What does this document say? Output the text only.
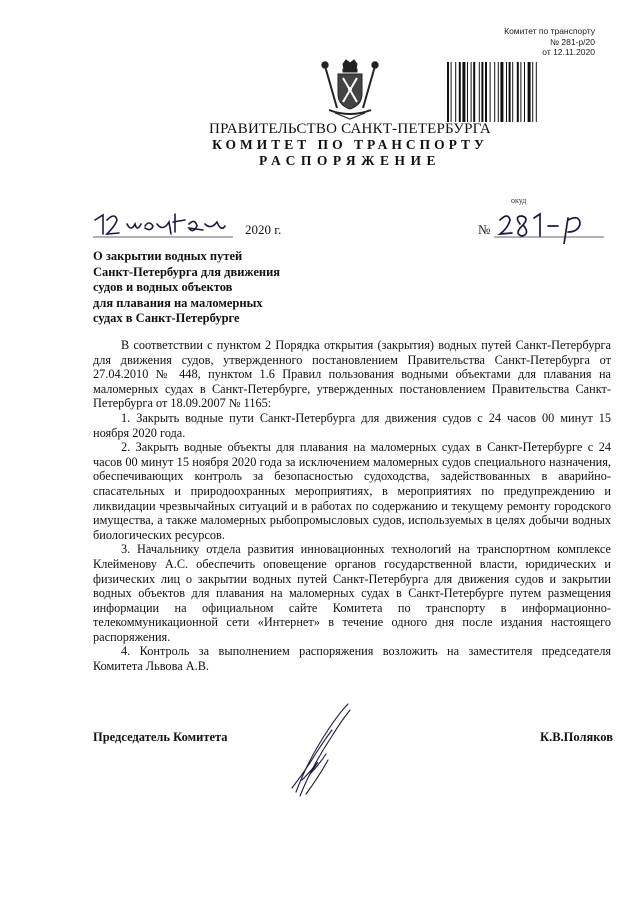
Комитет по транспорту
№ 281-р/20
от 12.11.2020
ПРАВИТЕЛЬСТВО САНКТ-ПЕТЕРБУРГА
КОМИТЕТ ПО ТРАНСПОРТУ
РАСПОРЯЖЕНИЕ
окуд
2020 г.	№
О закрытии водных путей
Санкт-Петербурга для движения
судов и водных объектов
для плавания на маломерных
судах в Санкт-Петербурге

В соответствии с пунктом 2 Порядка открытия (закрытия) водных путей Санкт-Петербурга для движения судов, утвержденного постановлением Правительства Санкт-Петербурга от 27.04.2010 № 448, пунктом 1.6 Правил пользования водными объектами для плавания на маломерных судах в Санкт-Петербурге, утвержденных постановлением Правительства Санкт-Петербурга от 18.09.2007 № 1165:

1. Закрыть водные пути Санкт-Петербурга для движения судов с 24 часов 00 минут 15 ноября 2020 года.

2. Закрыть водные объекты для плавания на маломерных судах в Санкт-Петербурге с 24 часов 00 минут 15 ноября 2020 года за исключением маломерных судов специального назначения, обеспечивающих контроль за безопасностью судоходства, задействованных в аварийно-спасательных и природоохранных мероприятиях, в мероприятиях по предупреждению и ликвидации чрезвычайных ситуаций и в работах по содержанию и текущему ремонту городского имущества, а также маломерных рыбопромысловых судов, используемых в целях добычи водных биологических ресурсов.

3. Начальнику отдела развития инновационных технологий на транспортном комплексе Клейменову А.С. обеспечить оповещение органов государственной власти, юридических и физических лиц о закрытии водных путей Санкт-Петербурга для движения судов и закрытии водных объектов для плавания на маломерных судах в Санкт-Петербурге путем размещения информации на официальном сайте Комитета по транспорту в информационно-телекоммуникационной сети «Интернет» в течение одного дня после издания настоящего распоряжения.

4. Контроль за выполнением распоряжения возложить на заместителя председателя Комитета Львова А.В.

Председатель Комитета	К.В.Поляков
